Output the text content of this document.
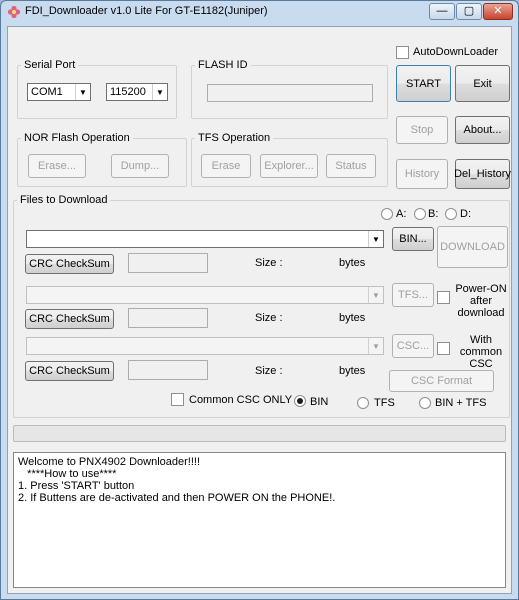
FDI_Downloader v1.0 Lite For GT-E1182(Juniper)	—	▢	✕
Serial Port
COM1	▼ 115200	▼
FLASH ID
AutoDownLoader
START	Exit
NOR Flash Operation
Erase...	Dump...
TFS Operation
Erase	Explorer...	Status
Stop	About...
History	Del_History
Files to Download
A: B: D:
▼	BIN...
DOWNLOAD
CRC CheckSum	Size :	bytes
▼	TFS...	Power-ON
after
download
CRC CheckSum	Size :	bytes
▼	CSC...	With
common
CSC
CRC CheckSum	Size :	bytes
CSC Format
Common CSC ONLY BIN	TFS	BIN + TFS
Welcome to PNX4902 Downloader!!!!
****How to use****
1. Press 'START' button
2. If Buttens are de-activated and then POWER ON the PHONE!.
